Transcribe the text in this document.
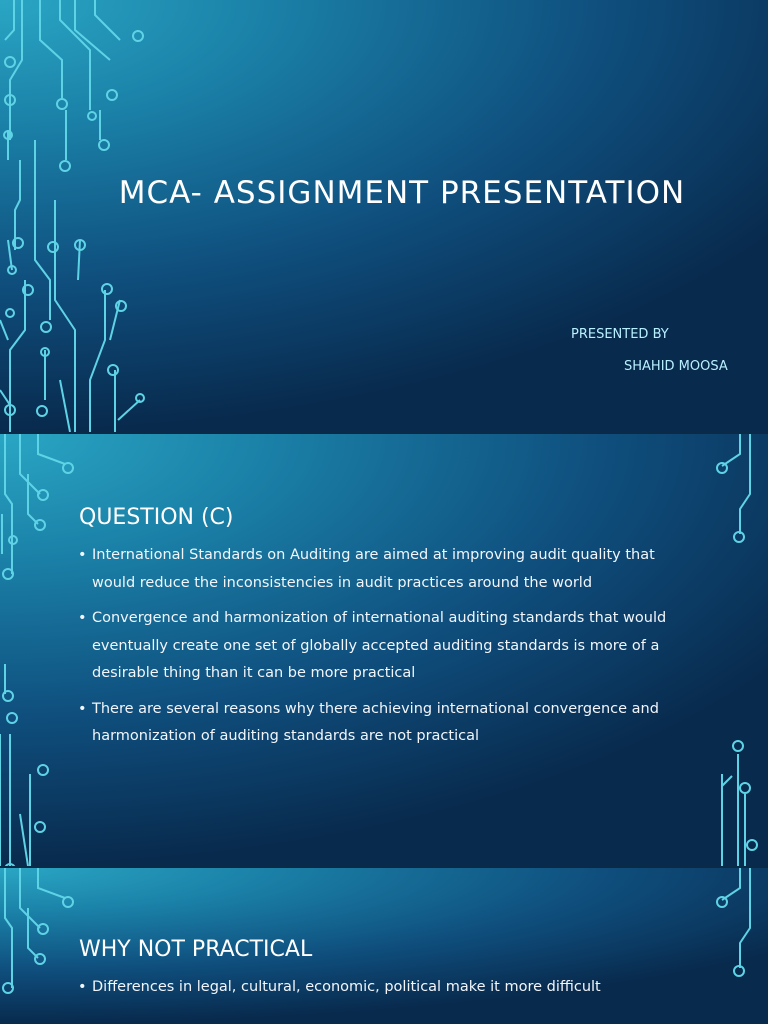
MCA- ASSIGNMENT PRESENTATION
PRESENTED BY
SHAHID MOOSA
QUESTION (C)
• International Standards on Auditing are aimed at improving audit quality that would reduce the inconsistencies in audit practices around the world
• Convergence and harmonization of international auditing standards that would eventually create one set of globally accepted auditing standards is more of a desirable thing than it can be more practical
• There are several reasons why there achieving international convergence and harmonization of auditing standards are not practical
WHY NOT PRACTICAL
• Differences in legal, cultural, economic, political make it more difficult
